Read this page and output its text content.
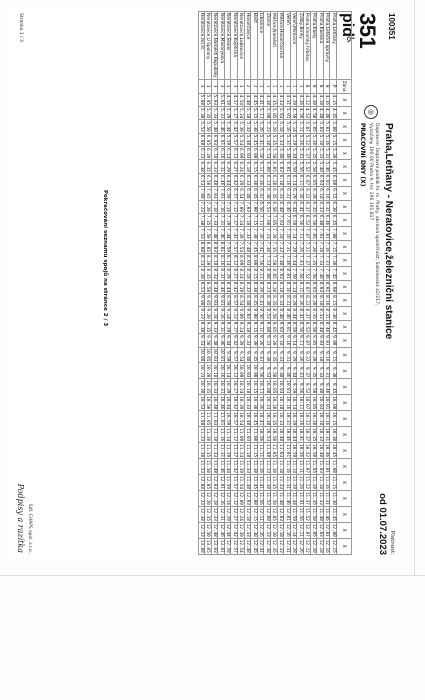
100351
351
pid
♿
◎
Praha,Letňany - Neratovice,železniční stanice
Dopravce: Dopravní podnik hl. m. Prahy, akciová společnost; Sokolovská 42/217, Vysočany 190 00 Praha 9, tel. 296 191 817
Platnost:
od 01.07.2023
PRACOVNÍ DNY (X)
	Zóna	X	X	X	X	X	X	X	X	X	X	X	X	X	X	X	X	X	X	X	X	X	X	X	X	X	X	X	X	X	X	X	X
Praha,Letňany	P	4.15	4.45	5.00	5.15	5.30	5.45	6.00	6.15	6.30	6.45	7.00	7.15	7.30	7.45	8.00	8.15	8.30	8.45	9.00	9.15	9.30	9.45	10.00	10.15	10.30	10.45	11.00	11.15	11.30	11.45	12.00	12.15
Praha,Letecké opravny	B	4.16	4.46	5.01	5.16	5.31	5.46	6.01	6.16	6.31	6.46	7.01	7.16	7.31	7.46	8.01	8.16	8.31	8.46	9.01	9.16	9.31	9.46	10.01	10.16	10.31	10.46	11.01	11.16	11.31	11.46	12.01	12.16
Praha,Kbelská	B	4.18	4.48	5.03	5.18	5.33	5.48	6.03	6.18	6.33	6.48	7.03	7.18	7.33	7.48	8.03	8.18	8.33	8.48	9.03	9.18	9.33	9.48	10.03	10.18	10.33	10.48	11.03	11.18	11.33	11.48	12.03	12.18
Praha,Kbely	B	4.20	4.50	5.05	5.20	5.35	5.50	6.05	6.20	6.35	6.50	7.05	7.20	7.35	7.50	8.05	8.20	8.35	8.50	9.05	9.20	9.35	9.50	10.05	10.20	10.35	10.50	11.05	11.20	11.35	11.50	12.05	12.20
Praha,Vinořský hřbitov	B	4.22	4.52	5.07	5.22	5.37	5.52	6.07	6.22	6.37	6.52	7.07	7.22	7.37	7.52	8.07	8.22	8.37	8.52	9.07	9.22	9.37	9.52	10.07	10.22	10.37	10.52	11.07	11.22	11.37	11.52	12.07	12.22
Zdiby,Brnky	1	4.26	4.56	5.11	5.26	5.41	5.56	6.11	6.26	6.41	6.56	7.11	7.26	7.41	7.56	8.11	8.26	8.41	8.56	9.11	9.26	9.41	9.56	10.11	10.26	10.41	10.56	11.11	11.26	11.41	11.56	12.11	12.26
Veleň,Mírovice	1	4.29	4.59	5.14	5.29	5.44	5.59	6.14	6.29	6.44	6.59	7.14	7.29	7.44	7.59	8.14	8.29	8.44	8.59	9.14	9.29	9.44	9.59	10.14	10.29	10.44	10.59	11.14	11.29	11.44	11.59	12.14	12.29
Veleň	1	4.31	5.01	5.16	5.31	5.46	6.01	6.16	6.31	6.46	7.01	7.16	7.31	7.46	8.01	8.16	8.31	8.46	9.01	9.16	9.31	9.46	10.01	10.16	10.31	10.46	11.01	11.16	11.31	11.46	12.01	12.16	12.31
Měšice,Hovorčovická	1	4.33	5.03	5.18	5.33	5.48	6.03	6.18	6.33	6.48	7.03	7.18	7.33	7.48	8.03	8.18	8.33	8.48	9.03	9.18	9.33	9.48	10.03	10.18	10.33	10.48	11.03	11.18	11.33	11.48	12.03	12.18	12.33
Měšice,Náměstí	1	4.35	5.05	5.20	5.35	5.50	6.05	6.20	6.35	6.50	7.05	7.20	7.35	7.50	8.05	8.20	8.35	8.50	9.05	9.20	9.35	9.50	10.05	10.20	10.35	10.50	11.05	11.20	11.35	11.50	12.05	12.20	12.35
Zlonín	1	4.38	5.08	5.23	5.38	5.53	6.08	6.23	6.38	6.53	7.08	7.23	7.38	7.53	8.08	8.23	8.38	8.53	9.08	9.23	9.38	9.53	10.08	10.23	10.38	10.53	11.08	11.23	11.38	11.53	12.08	12.23	12.38
Líbeznice	1	4.41	5.11	5.26	5.41	5.56	6.11	6.26	6.41	6.56	7.11	7.26	7.41	7.56	8.11	8.26	8.41	8.56	9.11	9.26	9.41	9.56	10.11	10.26	10.41	10.56	11.11	11.26	11.41	11.56	12.11	12.26	12.41
Bašť	2	4.45	5.15	5.30	5.45	6.00	6.15	6.30	6.45	7.00	7.15	7.30	7.45	8.00	8.15	8.30	8.45	9.00	9.15	9.30	9.45	10.00	10.15	10.30	10.45	11.00	11.15	11.30	11.45	12.00	12.15	12.30	12.45
Hovorčovice	2	4.48	5.18	5.33	5.48	6.03	6.18	6.33	6.48	7.03	7.18	7.33	7.48	8.03	8.18	8.33	8.48	9.03	9.18	9.33	9.48	10.03	10.18	10.33	10.48	11.03	11.18	11.33	11.48	12.03	12.18	12.33	12.48
Neratovice,Lobkovice	3	4.54	5.24	5.39	5.54	6.09	6.24	6.39	6.54	7.09	7.24	7.39	7.54	8.09	8.24	8.39	8.54	9.09	9.24	9.39	9.54	10.09	10.24	10.39	10.54	11.09	11.24	11.39	11.54	12.09	12.24	12.39	12.54
Neratovice,Kojetická	3	4.57	5.27	5.42	5.57	6.12	6.27	6.42	6.57	7.12	7.27	7.42	7.57	8.12	8.27	8.42	8.57	9.12	9.27	9.42	9.57	10.12	10.27	10.42	10.57	11.12	11.27	11.42	11.57	12.12	12.27	12.42	12.57
Neratovice,Školní	3	4.59	5.29	5.44	5.59	6.14	6.29	6.44	6.59	7.14	7.29	7.44	7.59	8.14	8.29	8.44	8.59	9.14	9.29	9.44	9.59	10.14	10.29	10.44	10.59	11.14	11.29	11.44	11.59	12.14	12.29	12.44	12.59
Neratovice,Masarykova	3	5.01	5.31	5.46	6.01	6.16	6.31	6.46	7.01	7.16	7.31	7.46	8.01	8.16	8.31	8.46	9.01	9.16	9.31	9.46	10.01	10.16	10.31	10.46	11.01	11.16	11.31	11.46	12.01	12.16	12.31	12.46	13.01
Neratovice,Náměstí Republiky	3	5.03	5.33	5.48	6.03	6.18	6.33	6.48	7.03	7.18	7.33	7.48	8.03	8.18	8.33	8.48	9.03	9.18	9.33	9.48	10.03	10.18	10.33	10.48	11.03	11.18	11.33	11.48	12.03	12.18	12.33	12.48	13.03
Neratovice,U Spolany	3	5.05	5.35	5.50	6.05	6.20	6.35	6.50	7.05	7.20	7.35	7.50	8.05	8.20	8.35	8.50	9.05	9.20	9.35	9.50	10.05	10.20	10.35	10.50	11.05	11.20	11.35	11.50	12.05	12.20	12.35	12.50	13.05
Neratovice,žel.st.	3	5.08	5.38	5.53	6.08	6.23	6.38	6.53	7.08	7.23	7.38	7.53	8.08	8.23	8.38	8.53	9.08	9.23	9.38	9.53	10.08	10.23	10.38	10.53	11.08	11.23	11.38	11.53	12.08	12.23	12.38	12.53	13.08
Pokračování seznamu spojů na stránce 2 / 3
Stránka 1 / 3
Sdf. CHAPS spol. s r.o.
Podpisy a razítka
